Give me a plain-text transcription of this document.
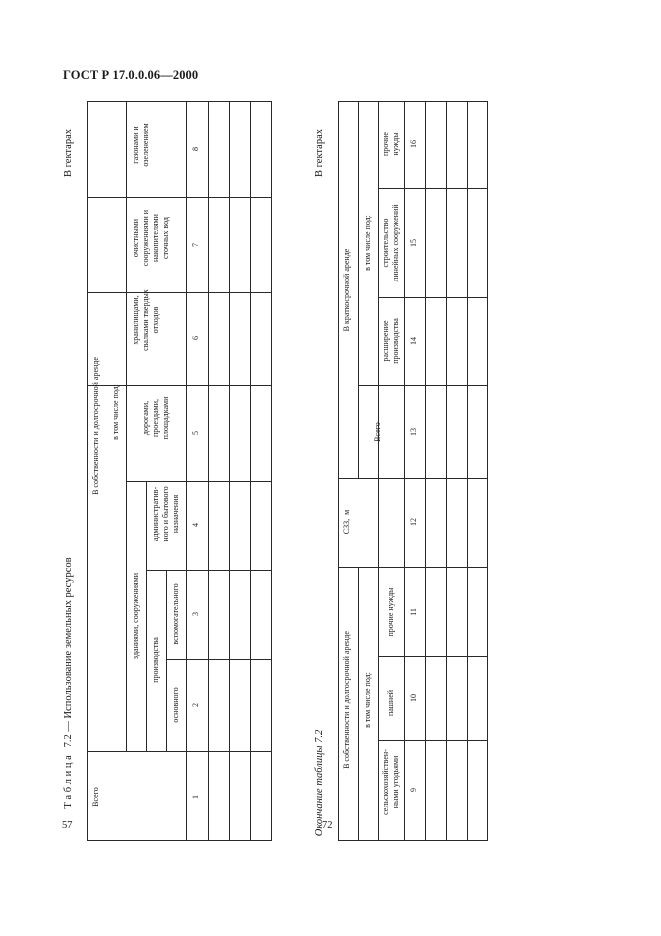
ГОСТ Р 17.0.0.06—2000
Всего
В собственности и долгосрочной аренде в том числе под:
зданиями, сооружениями
производства
основного
вспомогательного
административ-
ного и бытового
назначения
дорогами,
проездами,
площадками
хранилищами,
свалками твердых
отходов
очистными
сооружениями и
накопителями
сточных вод
газонами и
озеленением
1
2
3
4
5
6
7
8
Т а б л и ц а   7.2 — Использование земельных ресурсов
В гектарах
57
В собственности и долгосрочной аренде в том числе под:
сельскохозяйствен-
ными угодьями
пашней
прочие нужды
СЗЗ,  м
В краткосрочной аренде
Всего
в том числе под:
расширение
производства
строительство
линейных сооружений
прочие
нужды
9
10
11
12
13
14
15
16
Окончание таблицы 7.2
В гектарах
72
